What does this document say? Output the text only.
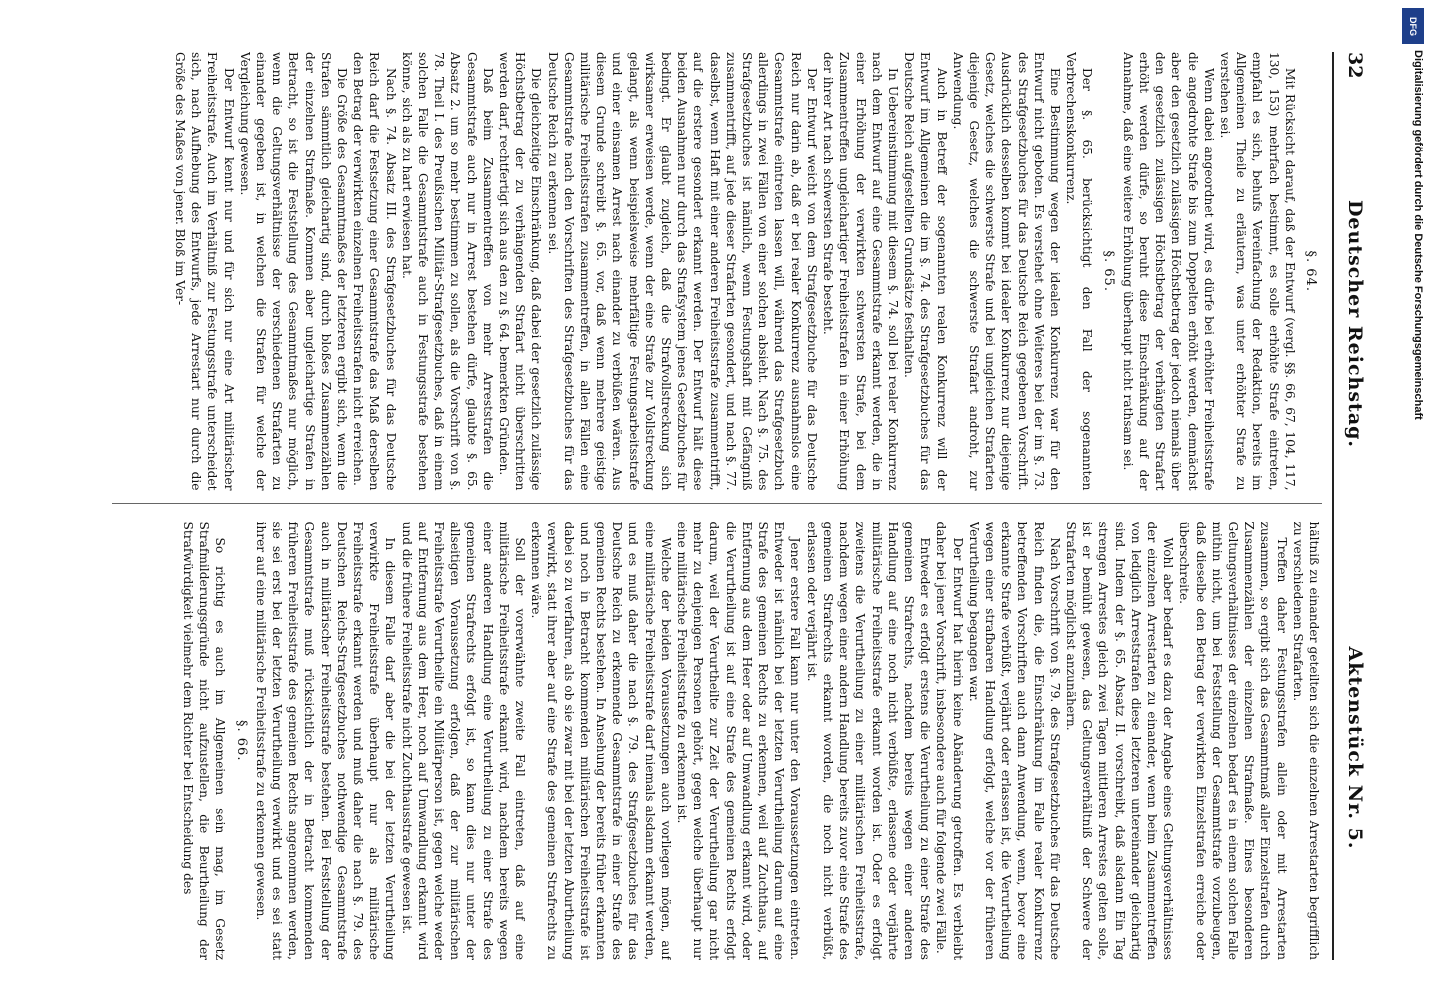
32
Deutscher Reichstag.
Aktenstück Nr. 5.
§. 64.

Mit Rücksicht darauf, daß der Entwurf (vergl. §§. 66, 67, 104, 117, 130, 153) mehrfach bestimmt, es solle erhöhte Strafe eintreten, empfahl es sich, behufs Vereinfachung der Redaktion, bereits im Allgemeinen Theile zu erläutern, was unter erhöhter Strafe zu verstehen sei.

Wenn dabei angeordnet wird, es dürfe bei erhöhter Freiheitsstrafe die angedrohte Strafe bis zum Doppelten erhöht werden, demnächst aber den gesetzlich zulässigen Höchstbetrag der jedoch niemals über den gesetzlich zulässigen Höchstbetrag der verhängten Strafart erhöht werden dürfe, so beruht diese Einschränkung auf der Annahme, daß eine weitere Erhöhung überhaupt nicht rathsam sei.

§. 65.

Der §. 65. berücksichtigt den Fall der sogenannten Verbrechenskonkurrenz.

Eine Bestimmung wegen der idealen Konkurrenz war für den Entwurf nicht geboten. Es verstehet ohne Weiteres bei der im §. 73. des Strafgesetzbuches für das Deutsche Reich gegebenen Vorschrift. Ausdrücklich desselben kommt bei idealer Konkurrenz nur diejenige Gesetz, welches die schwerste Strafe und bei ungleichen Strafarten diejenige Gesetz, welches die schwerste Strafart androht, zur Anwendung.

Auch in Betreff der sogenannten realen Konkurrenz will der Entwurf im Allgemeinen die im §. 74. des Strafgesetzbuches für das Deutsche Reich aufgestellten Grundsätze festhalten.

In Uebereinstimmung mit diesem §. 74. soll bei realer Konkurrenz nach dem Entwurf auf eine Gesammtstrafe erkannt werden, die in einer Erhöhung der verwirkten schwersten Strafe, bei dem Zusammentreffen ungleichartiger Freiheitsstrafen in einer Erhöhung der ihrer Art nach schwersten Strafe besteht.

Der Entwurf weicht von dem Strafgesetzbuche für das Deutsche Reich nur darin ab, daß er bei realer Konkurrenz ausnahmslos eine Gesammtstrafe eintreten lassen will, während das Strafgesetzbuch allerdings in zwei Fällen von einer solchen absieht. Nach §. 75. des Strafgesetzbuches ist nämlich, wenn Festungshaft mit Gefängniß zusammentrifft, auf jede dieser Strafarten gesondert, und nach §. 77. daselbst, wenn Haft mit einer anderen Freiheitsstrafe zusammentrifft, auf die erstere gesondert erkannt werden. Der Entwurf hält diese beiden Ausnahmen nur durch das Strafsystem jenes Gesetzbuches für bedingt. Er glaubt zugleich, daß die Strafvollstreckung sich wirksamer erweisen werde, wenn der eine Strafe zur Vollstreckung gelangt, als wenn beispielsweise mehrfältige Festungsarbeitsstrafe und einer einsamen Arrest nach einander zu verbüßen wären. Aus diesem Grunde schreibt §. 65. vor, daß wenn mehrere geistige militärische Freiheitsstrafen zusammentreffen, in allen Fällen eine Gesammtstrafe nach den Vorschriften des Strafgesetzbuches für das Deutsche Reich zu erkennen sei.

Die gleichzeitige Einschränkung, daß dabei der gesetzlich zulässige Höchstbetrag der zu verhängenden Strafart nicht überschritten werden darf, rechtfertigt sich aus den zu §. 64. bemerkten Gründen.

Daß beim Zusammentreffen von mehr Arreststrafen die Gesammtstrafe auch nur in Arrest bestehen dürfe, glaubte §. 65. Absatz 2. um so mehr bestimmen zu sollen, als die Vorschrift von §. 78. Theil I. des Preußischen Militär-Strafgesetzbuches, daß in einem solchen Falle die Gesammtstrafe auch in Festungsstrafe bestehen könne, sich als zu hart erwiesen hat.

Nach §. 74. Absatz III. des Strafgesetzbuches für das Deutsche Reich darf die Festsetzung einer Gesammtstrafe das Maß derselben den Betrag der verwirkten einzelnen Freiheitsstrafen nicht erreichen.

Die Größe des Gesammtmaßes der letzteren ergibt sich, wenn die Strafen sämmtlich gleichartig sind, durch bloßes Zusammenzählen der einzelnen Strafmaße. Kommen aber ungleichartige Strafen in Betracht, so ist die Feststellung des Gesammtmaßes nur möglich, wenn die Geltungsverhältnisse der verschiedenen Strafarten zu einander gegeben ist, in welchen die Strafen für welche der Vergleichung gewesen.

Der Entwurf kennt nur und für sich nur eine Art militärischer Freiheitsstrafe. Auch im Verhältniß zur Festungsstrafe unterscheidet sich, nach Aufhebung des Entwurfs, jede Arrestart nur durch die Größe des Maßes von jener. Bloß im Ver-

hältniß zu einander geteilten sich die einzelnen Arrestarten begrifflich zu verschiedenen Strafarten.

Treffen daher Festungsstrafen allein oder mit Arrestarten zusammen, so ergibt sich das Gesammtmaß aller Einzelstrafen durch Zusammenzählen der einzelnen Strafmaße. Eines besonderen Geltungsverhältnisses der einzelnen bedarf es in einem solchen Falle mithin nicht, um bei Feststellung der Gesammtstrafe vorzubeugen, daß dieselbe den Betrag der verwirkten Einzelstrafen erreiche oder überschreite.

Wohl aber bedarf es dazu der Angabe eines Geltungsverhältnisses der einzelnen Arrestarten zu einander, wenn beim Zusammentreffen von lediglich Arreststrafen diese letzteren untereinander gleichartig sind. Indem der §. 65. Absatz II. vorschreibt, daß alsdann Ein Tag strengen Arrestes gleich zwei Tagen mittleren Arrestes gelten solle, ist er bemüht gewesen, das Geltungsverhältniß der Schwere der Strafarten möglichst anzunähern.

Nach Vorschrift von §. 79. des Strafgesetzbuches für das Deutsche Reich finden die, die Einschränkung im Falle realer Konkurrenz betreffenden Vorschriften auch dann Anwendung, wenn, bevor eine erkannte Strafe verbüßt, verjährt oder erlassen ist, die Verurtheilung wegen einer strafbaren Handlung erfolgt, welche vor der früheren Verurtheilung begangen war.

Der Entwurf hat hierin keine Abänderung getroffen. Es verbleibt daher bei jener Vorschrift, insbesondere auch für folgende zwei Fälle.

Entweder es erfolgt erstens die Verurtheilung zu einer Strafe des gemeinen Strafrechts, nachdem bereits wegen einer anderen Handlung auf eine noch nicht verbüßte, erlassene oder verjährte militärische Freiheitsstrafe erkannt worden ist. Oder es erfolgt zweitens die Verurtheilung zu einer militärischen Freiheitsstrafe, nachdem wegen einer andern Handlung bereits zuvor eine Strafe des gemeinen Strafrechts erkannt worden, die noch nicht verbüßt, erlassen oder verjährt ist.

Jener erstere Fall kann nur unter den Voraussetzungen eintreten. Entweder ist nämlich bei der letzten Verurtheilung darum auf eine Strafe des gemeinen Rechts zu erkennen, weil auf Zuchthaus, auf Entfernung aus dem Heer oder auf Umwandlung erkannt wird, oder die Verurtheilung ist auf eine Strafe des gemeinen Rechts erfolgt darum, weil der Verurtheilte zur Zeit der Verurtheilung gar nicht mehr zu denjenigen Personen gehört, gegen welche überhaupt nur eine militärische Freiheitsstrafe zu erkennen ist.

Welche der beiden Voraussetzungen auch vorliegen mögen, auf eine militärische Freiheitsstrafe darf niemals alsdann erkannt werden, und es muß daher die nach §. 79. des Strafgesetzbuches für das Deutsche Reich zu erkennende Gesammtstrafe in einer Strafe des gemeinen Rechts bestehen. In Ansehung der bereits früher erkannten und noch in Betracht kommenden militärischen Freiheitsstrafe ist dabei so zu verfahren, als ob sie zwar mit bei der letzten Aburtheilung verwirkt, statt ihrer aber auf eine Strafe des gemeinen Strafrechts zu erkennen wäre.

Soll der vorerwähnte zweite Fall eintreten, daß auf eine militärische Freiheitsstrafe erkannt wird, nachdem bereits wegen einer anderen Handlung eine Verurtheilung zu einer Strafe des gemeinen Strafrechts erfolgt ist, so kann dies nur unter der allseitigen Voraussetzung erfolgen, daß der zur militärischen Freiheitsstrafe Verurtheilte ein Militärperson ist, gegen welche weder auf Entfernung aus dem Heer, noch auf Umwandlung erkannt wird und die frühere Freiheitsstrafe nicht Zuchthausstrafe gewesen ist.

In diesem Falle darf aber die bei der letzten Verurtheilung verwirkte Freiheitsstrafe überhaupt nur als militärische Freiheitsstrafe erkannt werden und muß daher die nach §. 79. des Deutschen Reichs-Strafgesetzbuches nothwendige Gesammtstrafe auch in militärischer Freiheitsstrafe bestehen. Bei Feststellung der Gesammtstrafe muß rücksichtlich der in Betracht kommenden früheren Freiheitsstrafe des gemeinen Rechts angenommen werden, sie sei erst bei der letzten Verurtheilung verwirkt und es sei statt ihrer auf eine militärische Freiheitsstrafe zu erkennen gewesen.

§. 66.

So richtig es auch im Allgemeinen sein mag, im Gesetz Strafmilderungsgründe nicht aufzustellen, die Beurtheilung der Strafwürdigkeit vielmehr dem Richter bei Entscheidung des

DFG
Digitalisierung gefördert durch die Deutsche Forschungsgemeinschaft
